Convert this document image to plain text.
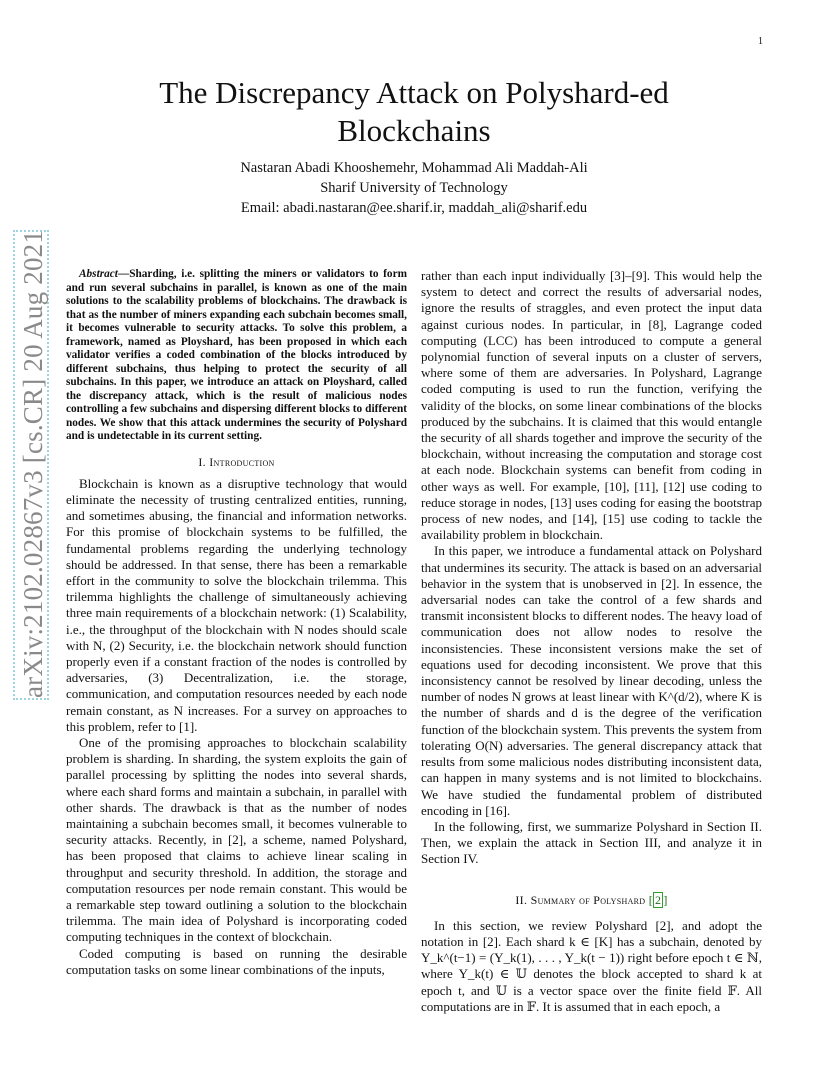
1
arXiv:2102.02867v3 [cs.CR] 20 Aug 2021
The Discrepancy Attack on Polyshard-ed Blockchains
Nastaran Abadi Khooshemehr, Mohammad Ali Maddah-Ali
Sharif University of Technology
Email: abadi.nastaran@ee.sharif.ir, maddah_ali@sharif.edu

Abstract—Sharding, i.e. splitting the miners or validators to form and run several subchains in parallel, is known as one of the main solutions to the scalability problems of blockchains. The drawback is that as the number of miners expanding each subchain becomes small, it becomes vulnerable to security attacks. To solve this problem, a framework, named as Ployshard, has been proposed in which each validator verifies a coded combination of the blocks introduced by different subchains, thus helping to protect the security of all subchains. In this paper, we introduce an attack on Ployshard, called the discrepancy attack, which is the result of malicious nodes controlling a few subchains and dispersing different blocks to different nodes. We show that this attack undermines the security of Polyshard and is undetectable in its current setting.

I. Introduction

Blockchain is known as a disruptive technology that would eliminate the necessity of trusting centralized entities, running, and sometimes abusing, the financial and information networks. For this promise of blockchain systems to be fulfilled, the fundamental problems regarding the underlying technology should be addressed. In that sense, there has been a remarkable effort in the community to solve the blockchain trilemma. This trilemma highlights the challenge of simultaneously achieving three main requirements of a blockchain network: (1) Scalability, i.e., the throughput of the blockchain with N nodes should scale with N, (2) Security, i.e. the blockchain network should function properly even if a constant fraction of the nodes is controlled by adversaries, (3) Decentralization, i.e. the storage, communication, and computation resources needed by each node remain constant, as N increases. For a survey on approaches to this problem, refer to [1].

One of the promising approaches to blockchain scalability problem is sharding. In sharding, the system exploits the gain of parallel processing by splitting the nodes into several shards, where each shard forms and maintain a subchain, in parallel with other shards. The drawback is that as the number of nodes maintaining a subchain becomes small, it becomes vulnerable to security attacks. Recently, in [2], a scheme, named Polyshard, has been proposed that claims to achieve linear scaling in throughput and security threshold. In addition, the storage and computation resources per node remain constant. This would be a remarkable step toward outlining a solution to the blockchain trilemma. The main idea of Polyshard is incorporating coded computing techniques in the context of blockchain.

Coded computing is based on running the desirable computation tasks on some linear combinations of the inputs,

rather than each input individually [3]–[9]. This would help the system to detect and correct the results of adversarial nodes, ignore the results of straggles, and even protect the input data against curious nodes. In particular, in [8], Lagrange coded computing (LCC) has been introduced to compute a general polynomial function of several inputs on a cluster of servers, where some of them are adversaries. In Polyshard, Lagrange coded computing is used to run the function, verifying the validity of the blocks, on some linear combinations of the blocks produced by the subchains. It is claimed that this would entangle the security of all shards together and improve the security of the blockchain, without increasing the computation and storage cost at each node. Blockchain systems can benefit from coding in other ways as well. For example, [10], [11], [12] use coding to reduce storage in nodes, [13] uses coding for easing the bootstrap process of new nodes, and [14], [15] use coding to tackle the availability problem in blockchain.

In this paper, we introduce a fundamental attack on Polyshard that undermines its security. The attack is based on an adversarial behavior in the system that is unobserved in [2]. In essence, the adversarial nodes can take the control of a few shards and transmit inconsistent blocks to different nodes. The heavy load of communication does not allow nodes to resolve the inconsistencies. These inconsistent versions make the set of equations used for decoding inconsistent. We prove that this inconsistency cannot be resolved by linear decoding, unless the number of nodes N grows at least linear with K^(d/2), where K is the number of shards and d is the degree of the verification function of the blockchain system. This prevents the system from tolerating O(N) adversaries. The general discrepancy attack that results from some malicious nodes distributing inconsistent data, can happen in many systems and is not limited to blockchains. We have studied the fundamental problem of distributed encoding in [16].

In the following, first, we summarize Polyshard in Section II. Then, we explain the attack in Section III, and analyze it in Section IV.

II. Summary of Polyshard [ 2 ]

In this section, we review Polyshard [2], and adopt the notation in [2]. Each shard k ∈ [K] has a subchain, denoted by Y_k^(t−1) = (Y_k(1), . . . , Y_k(t − 1)) right before epoch t ∈ ℕ, where Y_k(t) ∈ 𝕌 denotes the block accepted to shard k at epoch t, and 𝕌 is a vector space over the finite field 𝔽. All computations are in 𝔽. It is assumed that in each epoch, a
